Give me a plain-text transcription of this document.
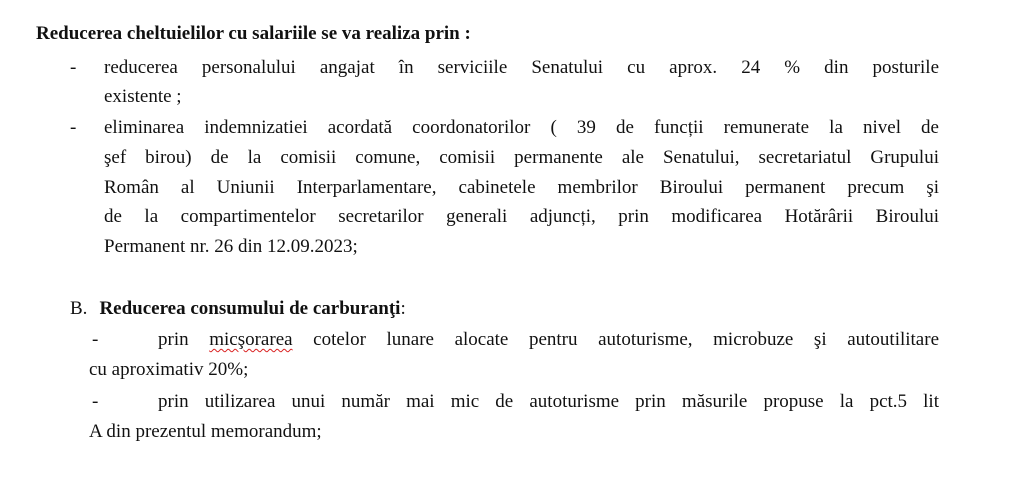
Reducerea cheltuielilor cu salariile se va realiza prin :
- reducerea personalului angajat în serviciile Senatului cu aprox. 24 % din posturile
existente ;
- eliminarea indemnizatiei acordată coordonatorilor ( 39 de funcții remunerate la nivel de
şef birou) de la comisii comune, comisii permanente ale Senatului, secretariatul Grupului
Român al Uniunii Interparlamentare, cabinetele membrilor Biroului permanent precum şi
de la compartimentelor secretarilor generali adjuncți, prin modificarea Hotărârii Biroului
Permanent nr. 26 din 12.09.2023;
B. Reducerea consumului de carburanţi:
-	prin micşorarea cotelor lunare alocate pentru autoturisme, microbuze şi autoutilitare
cu aproximativ 20%;
-	prin utilizarea unui număr mai mic de autoturisme prin măsurile propuse la pct.5 lit
A din prezentul memorandum;
